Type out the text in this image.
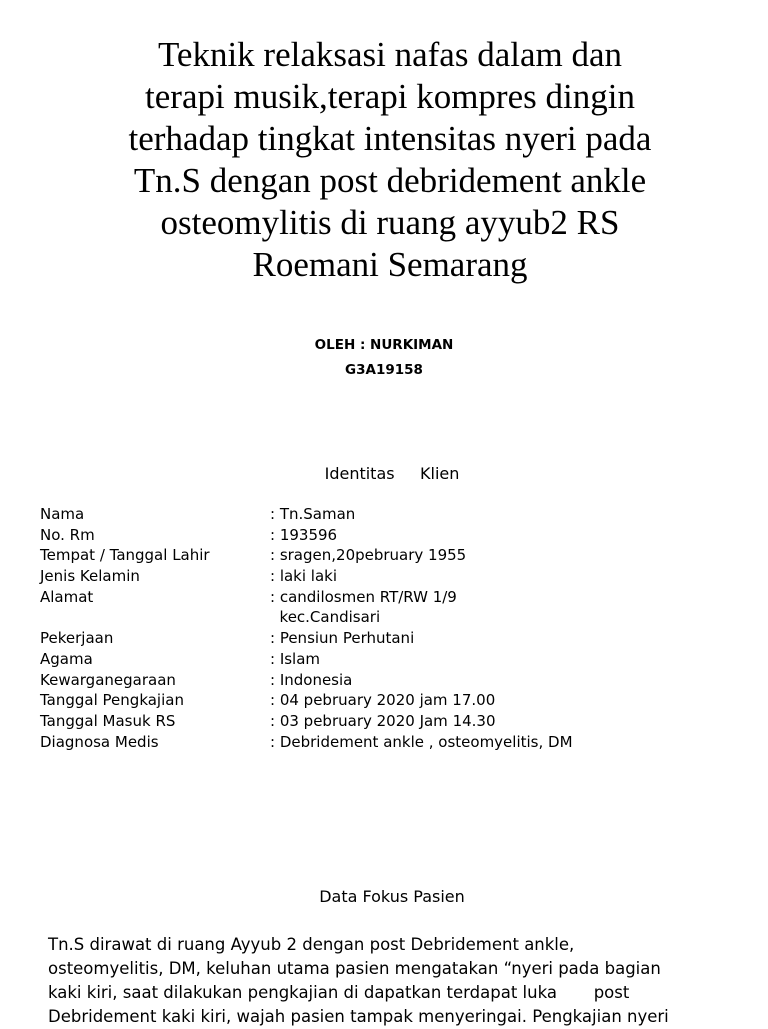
Teknik relaksasi nafas dalam dan
terapi musik,terapi kompres dingin
terhadap tingkat intensitas nyeri pada
Tn.S dengan post debridement ankle
osteomylitis di ruang ayyub2 RS
Roemani Semarang
OLEH : NURKIMAN
G3A19158
Identitas     Klien
Nama	: Tn.Saman
No. Rm	: 193596
Tempat / Tanggal Lahir	: sragen,20pebruary 1955
Jenis Kelamin	: laki laki
Alamat	: candilosmen RT/RW 1/9
kec.Candisari
Pekerjaan	: Pensiun Perhutani
Agama	: Islam
Kewarganegaraan	: Indonesia
Tanggal Pengkajian	: 04 pebruary 2020 jam 17.00
Tanggal Masuk RS	: 03 pebruary 2020 Jam 14.30
Diagnosa Medis	: Debridement ankle , osteomyelitis, DM
Data Fokus Pasien
Tn.S dirawat di ruang Ayyub 2 dengan post Debridement ankle,
osteomyelitis, DM, keluhan utama pasien mengatakan “nyeri pada bagian
kaki kiri, saat dilakukan pengkajian di dapatkan terdapat luka       post
Debridement kaki kiri, wajah pasien tampak menyeringai. Pengkajian nyeri
